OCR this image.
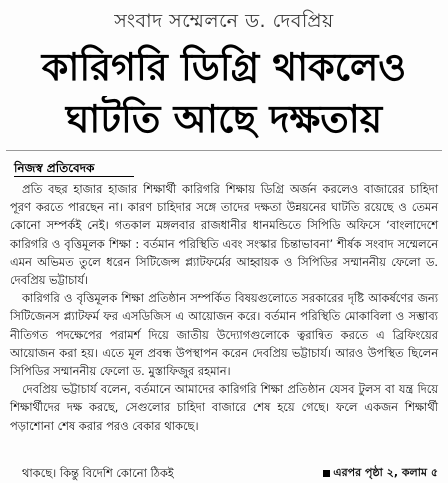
সংবাদ সম্মেলনে ড. দেবপ্রিয়
কারিগরি ডিগ্রি থাকলেও
ঘাটতি আছে দক্ষতায়
নিজস্ব প্রতিবেদক

প্রতি বছর হাজার হাজার শিক্ষার্থী কারিগরি শিক্ষায় ডিগ্রি অর্জন করলেও বাজারের চাহিদা পূরণ করতে পারছেন না। কারণ চাহিদার সঙ্গে তাদের দক্ষতা উন্নয়নের ঘাটতি রয়েছে ও তেমন কোনো সম্পর্কই নেই। গতকাল মঙ্গলবার রাজধানীর ধানমন্ডিতে সিপিডি অফিসে ‘বাংলাদেশে কারিগরি ও বৃত্তিমূলক শিক্ষা : বর্তমান পরিস্থিতি এবং সংস্কার চিন্তাভাবনা’ শীর্ষক সংবাদ সম্মেলনে এমন অভিমত তুলে ধরেন সিটিজেন্স প্ল্যাটফর্মের আহ্বায়ক ও সিপিডির সম্মাননীয় ফেলো ড. দেবপ্রিয় ভট্টাচার্য।

কারিগরি ও বৃত্তিমূলক শিক্ষা প্রতিষ্ঠান সম্পর্কিত বিষয়গুলোতে সরকারের দৃষ্টি আকর্ষণের জন্য সিটিজেনস প্ল্যাটফর্ম ফর এসডিজিস এ আয়োজন করে। বর্তমান পরিস্থিতি মোকাবিলা ও সম্ভাব্য নীতিগত পদক্ষেপের পরামর্শ দিয়ে জাতীয় উদ্যোগগুলোকে ত্বরান্বিত করতে এ ব্রিফিংয়ের আয়োজন করা হয়। এতে মূল প্রবন্ধ উপস্থাপন করেন দেবপ্রিয় ভট্টাচার্য। আরও উপস্থিত ছিলেন সিপিডির সম্মাননীয় ফেলো ড. মুস্তাফিজুর রহমান।

দেবপ্রিয় ভট্টাচার্য বলেন, বর্তমানে আমাদের কারিগরি শিক্ষা প্রতিষ্ঠান যেসব টুলস বা যন্ত্র দিয়ে শিক্ষার্থীদের দক্ষ করছে, সেগুলোর চাহিদা বাজারে শেষ হয়ে গেছে। ফলে একজন শিক্ষার্থী পড়াশোনা শেষ করার পরও বেকার থাকছে।

থাকছে। কিন্তু বিদেশি কোনো ঠিকই	এরপর পৃষ্ঠা ২, কলাম ৫
